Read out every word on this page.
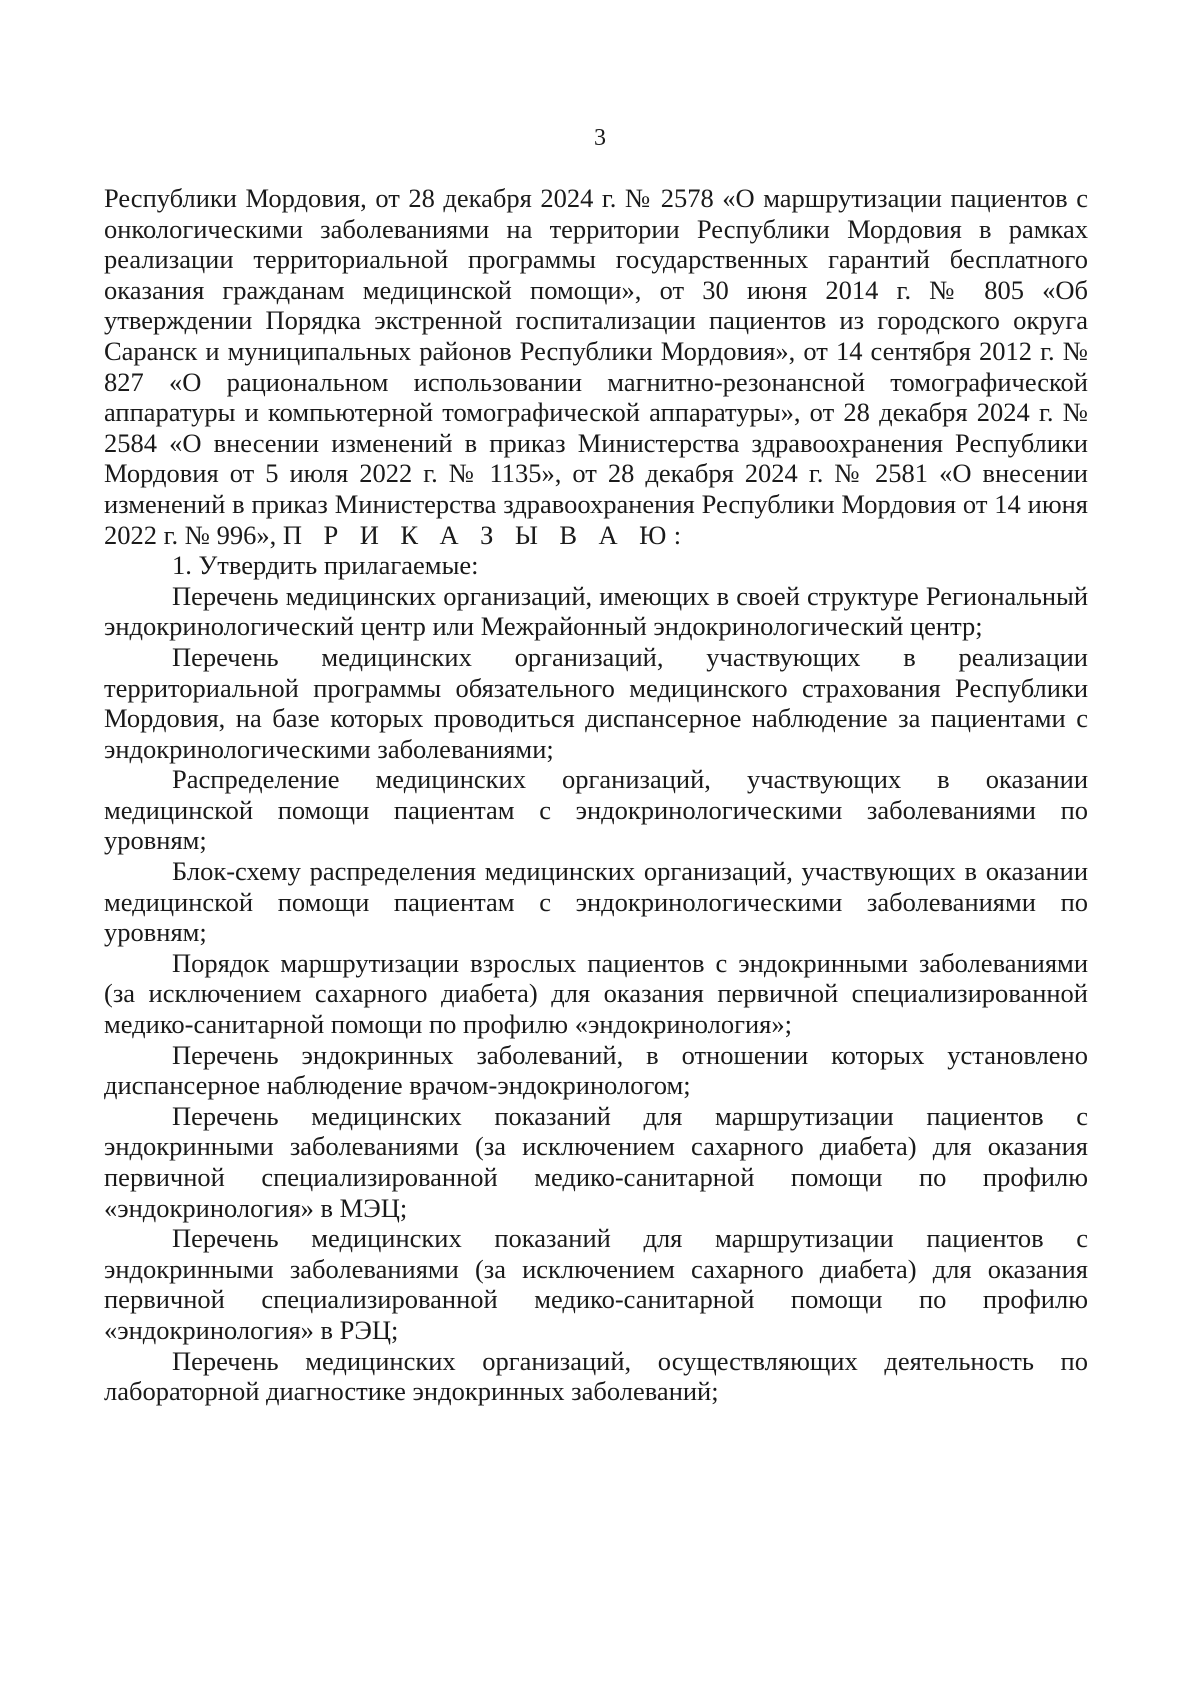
3

Республики Мордовия, от 28 декабря 2024 г. № 2578 «О маршрутизации пациентов с онкологическими заболеваниями на территории Республики Мордовия в рамках реализации территориальной программы государственных гарантий бесплатного оказания гражданам медицинской помощи», от 30 июня 2014 г. № 805 «Об утверждении Порядка экстренной госпитализации пациентов из городского округа Саранск и муниципальных районов Республики Мордовия», от 14 сентября 2012 г. № 827 «О рациональном использовании магнитно-резонансной томографической аппаратуры и компьютерной томографической аппаратуры», от 28 декабря 2024 г. № 2584 «О внесении изменений в приказ Министерства здравоохранения Республики Мордовия от 5 июля 2022 г. № 1135», от 28 декабря 2024 г. № 2581 «О внесении изменений в приказ Министерства здравоохранения Республики Мордовия от 14 июня 2022 г. № 996», П Р И К А З Ы В А Ю:

1. Утвердить прилагаемые:

Перечень медицинских организаций, имеющих в своей структуре Региональный эндокринологический центр или Межрайонный эндокринологический центр;

Перечень медицинских организаций, участвующих в реализации территориальной программы обязательного медицинского страхования Республики Мордовия, на базе которых проводиться диспансерное наблюдение за пациентами с эндокринологическими заболеваниями;

Распределение медицинских организаций, участвующих в оказании медицинской помощи пациентам с эндокринологическими заболеваниями по уровням;

Блок-схему распределения медицинских организаций, участвующих в оказании медицинской помощи пациентам с эндокринологическими заболеваниями по уровням;

Порядок маршрутизации взрослых пациентов с эндокринными заболеваниями (за исключением сахарного диабета) для оказания первичной специализированной медико-санитарной помощи по профилю «эндокринология»;

Перечень эндокринных заболеваний, в отношении которых установлено диспансерное наблюдение врачом-эндокринологом;

Перечень медицинских показаний для маршрутизации пациентов с эндокринными заболеваниями (за исключением сахарного диабета) для оказания первичной специализированной медико-санитарной помощи по профилю «эндокринология» в МЭЦ;

Перечень медицинских показаний для маршрутизации пациентов с эндокринными заболеваниями (за исключением сахарного диабета) для оказания первичной специализированной медико-санитарной помощи по профилю «эндокринология» в РЭЦ;

Перечень медицинских организаций, осуществляющих деятельность по лабораторной диагностике эндокринных заболеваний;
